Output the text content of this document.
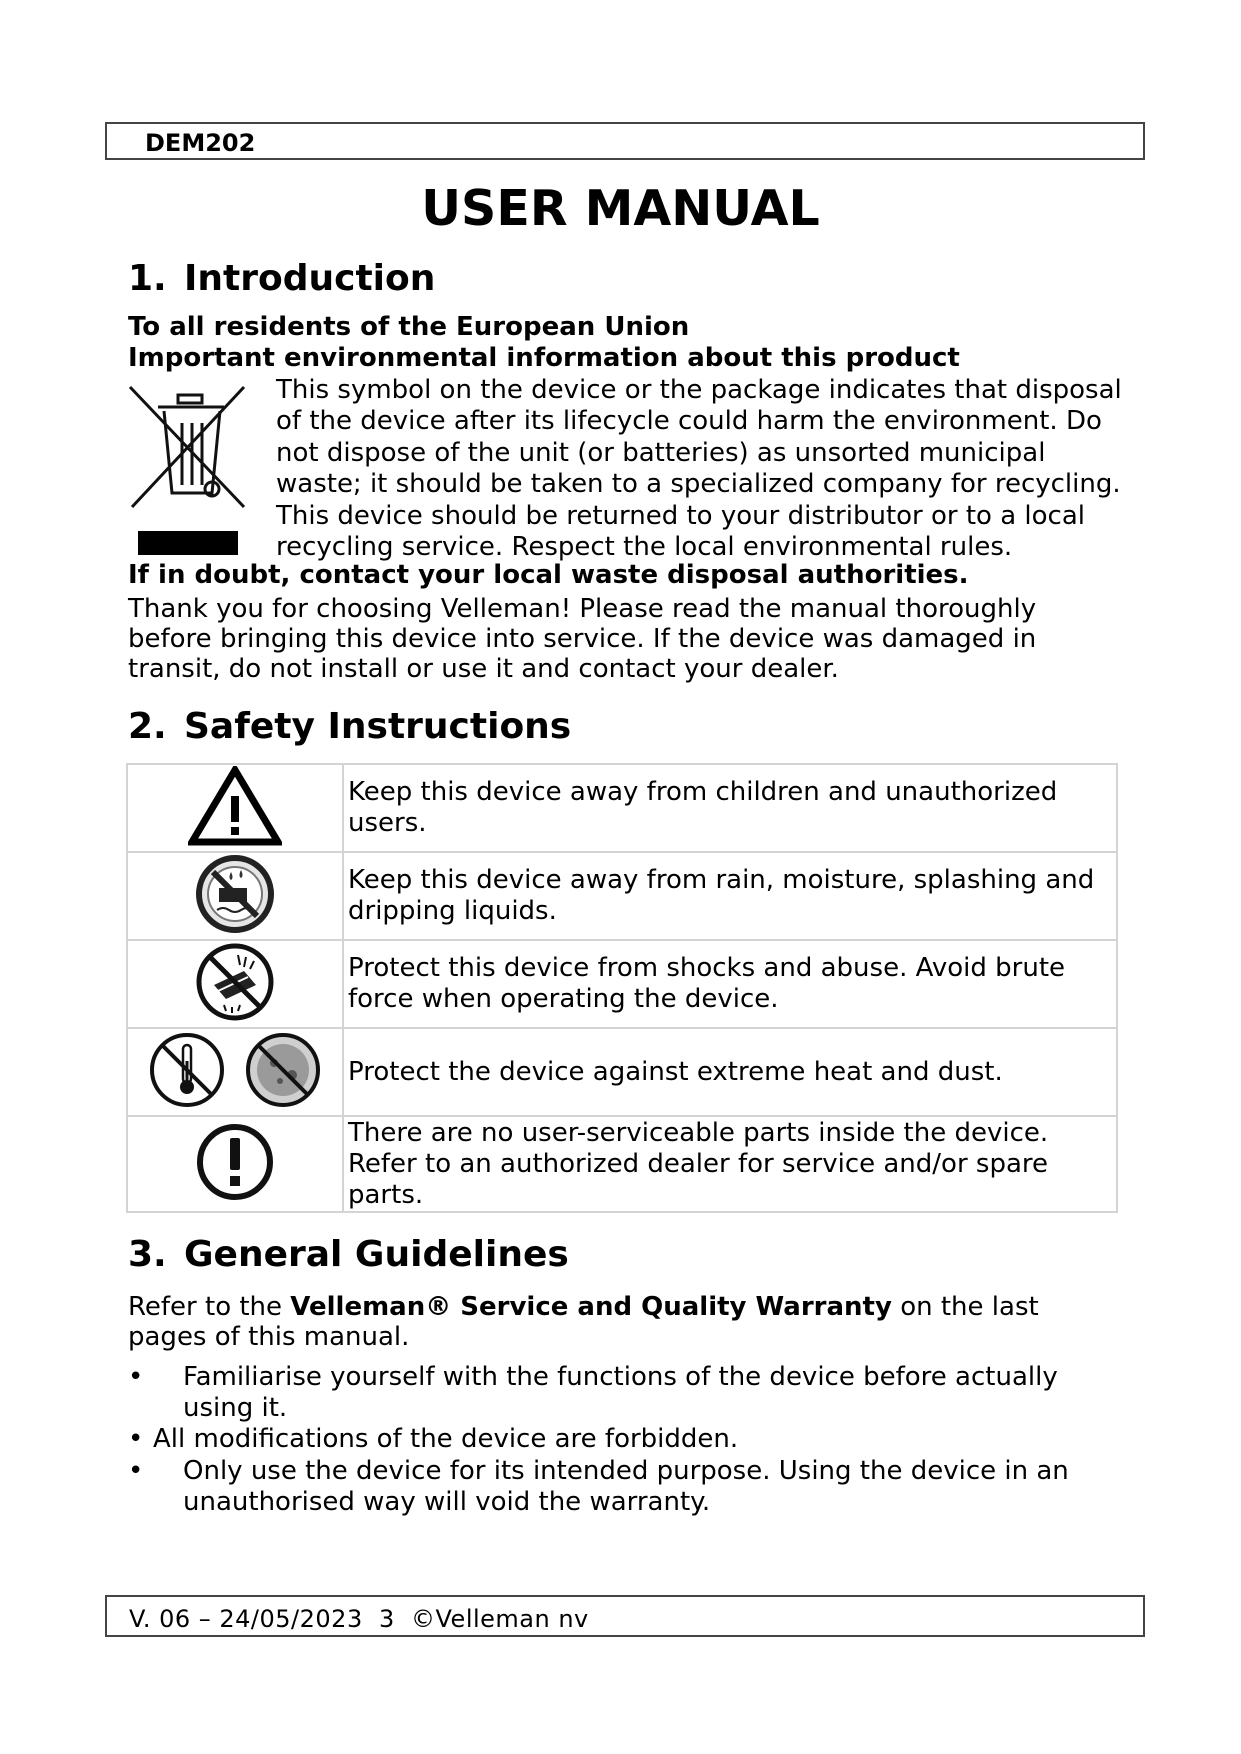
DEM202
USER MANUAL
1. Introduction
To all residents of the European Union
Important environmental information about this product
This symbol on the device or the package indicates that disposal of the device after its lifecycle could harm the environment. Do not dispose of the unit (or batteries) as unsorted municipal waste; it should be taken to a specialized company for recycling. This device should be returned to your distributor or to a local recycling service. Respect the local environmental rules.
If in doubt, contact your local waste disposal authorities.
Thank you for choosing Velleman! Please read the manual thoroughly before bringing this device into service. If the device was damaged in transit, do not install or use it and contact your dealer.
2. Safety Instructions
	Keep this device away from children and unauthorized users.
	Keep this device away from rain, moisture, splashing and dripping liquids.
	Protect this device from shocks and abuse. Avoid brute force when operating the device.
	Protect the device against extreme heat and dust.
	There are no user-serviceable parts inside the device. Refer to an authorized dealer for service and/or spare parts.
3. General Guidelines
Refer to the Velleman® Service and Quality Warranty on the last pages of this manual.
• Familiarise yourself with the functions of the device before actually using it.
• All modifications of the device are forbidden.
• Only use the device for its intended purpose. Using the device in an unauthorised way will void the warranty.
V. 06 – 24/05/2023  3  ©Velleman nv
